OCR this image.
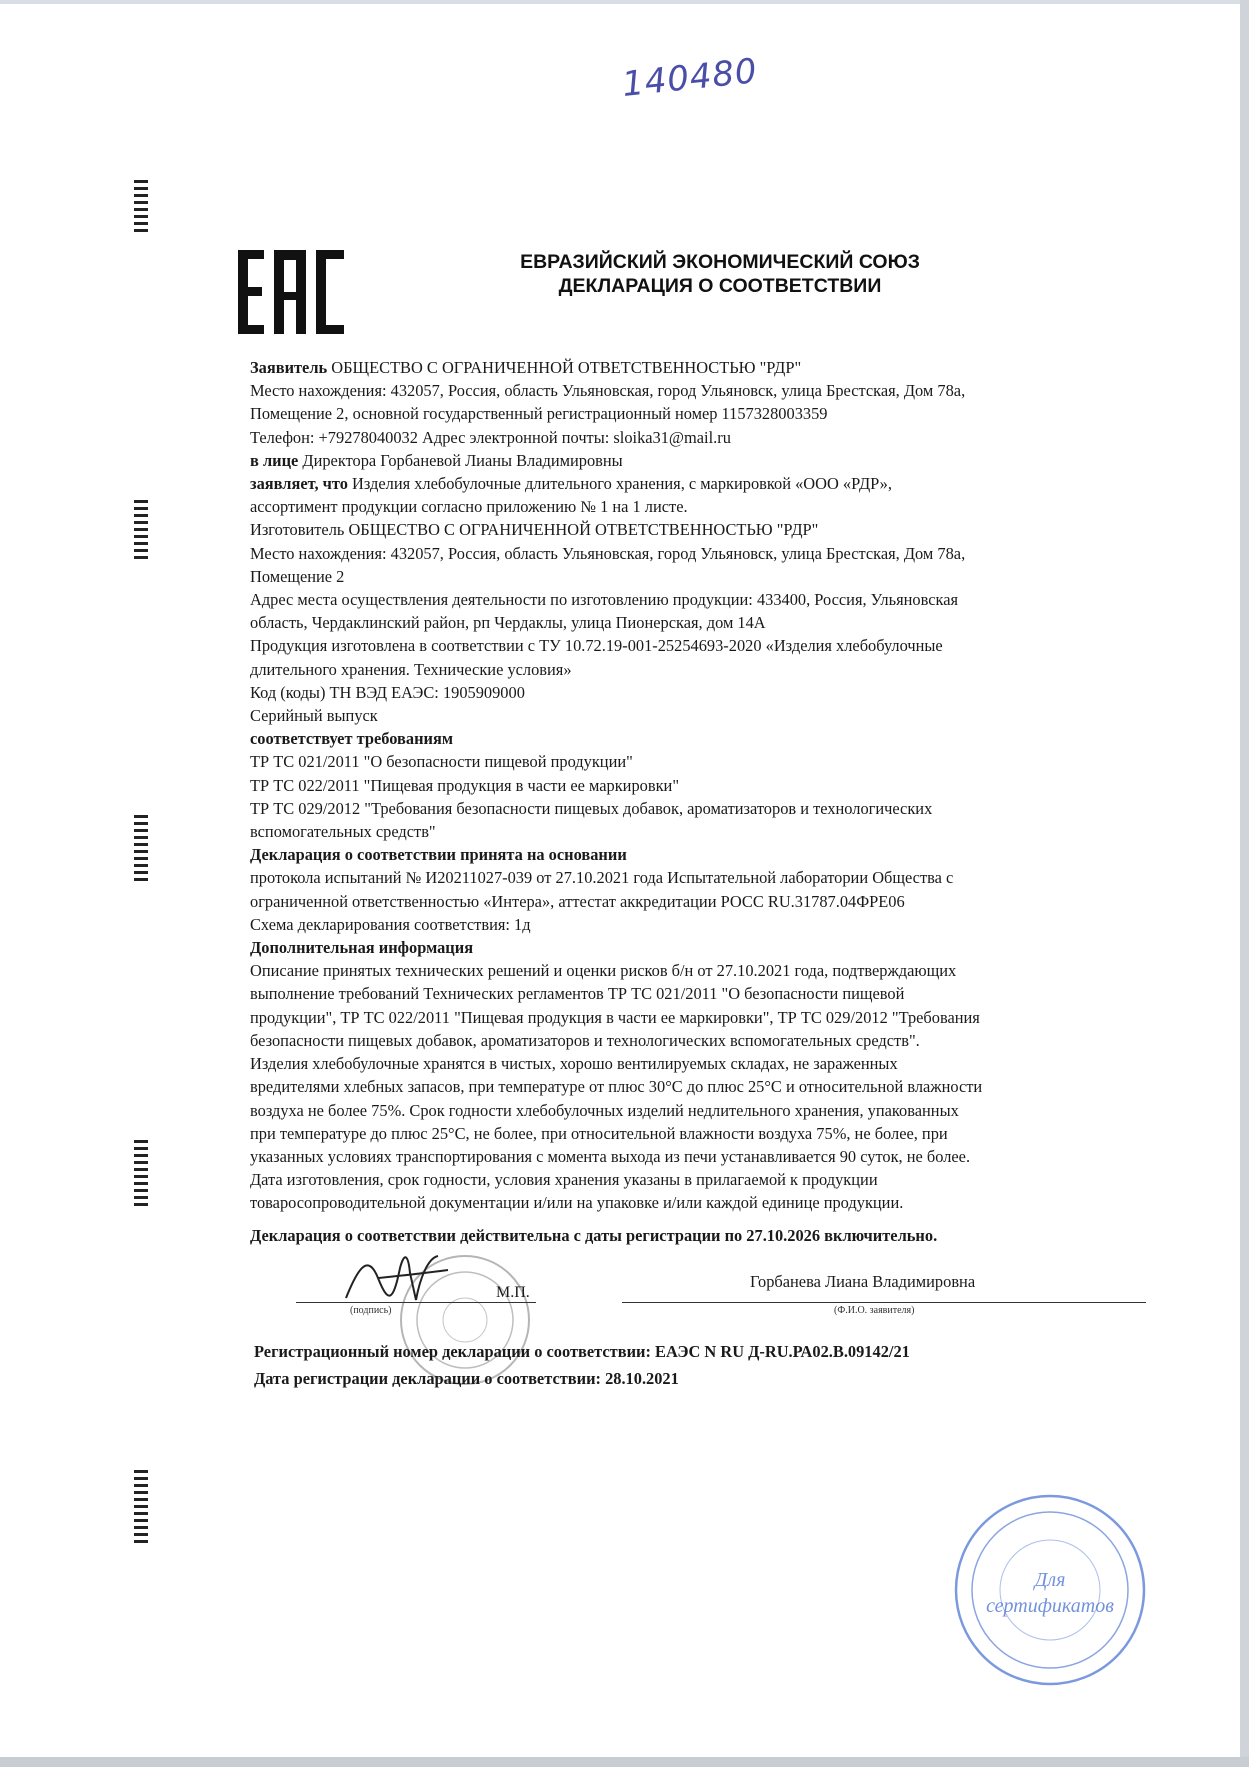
140480
ЕВРАЗИЙСКИЙ ЭКОНОМИЧЕСКИЙ СОЮЗ
ДЕКЛАРАЦИЯ О СООТВЕТСТВИИ
Заявитель ОБЩЕСТВО С ОГРАНИЧЕННОЙ ОТВЕТСТВЕННОСТЬЮ "РДР"
Место нахождения: 432057, Россия, область Ульяновская, город Ульяновск, улица Брестская, Дом 78а,
Помещение 2, основной государственный регистрационный номер 1157328003359
Телефон: +79278040032 Адрес электронной почты: sloika31@mail.ru
в лице Директора Горбаневой Лианы Владимировны
заявляет, что Изделия хлебобулочные длительного хранения, с маркировкой «ООО «РДР»,
ассортимент продукции согласно приложению № 1 на 1 листе.
Изготовитель ОБЩЕСТВО С ОГРАНИЧЕННОЙ ОТВЕТСТВЕННОСТЬЮ "РДР"
Место нахождения: 432057, Россия, область Ульяновская, город Ульяновск, улица Брестская, Дом 78а,
Помещение 2
Адрес места осуществления деятельности по изготовлению продукции: 433400, Россия, Ульяновская
область, Чердаклинский район, рп Чердаклы, улица Пионерская, дом 14А
Продукция изготовлена в соответствии с ТУ 10.72.19-001-25254693-2020 «Изделия хлебобулочные
длительного хранения. Технические условия»
Код (коды) ТН ВЭД ЕАЭС: 1905909000
Серийный выпуск
соответствует требованиям
ТР ТС 021/2011 "О безопасности пищевой продукции"
ТР ТС 022/2011 "Пищевая продукция в части ее маркировки"
ТР ТС 029/2012 "Требования безопасности пищевых добавок, ароматизаторов и технологических
вспомогательных средств"
Декларация о соответствии принята на основании
протокола испытаний № И20211027-039 от 27.10.2021 года Испытательной лаборатории Общества с
ограниченной ответственностью «Интера», аттестат аккредитации РОСС RU.31787.04ФРЕ06
Схема декларирования соответствия: 1д
Дополнительная информация
Описание принятых технических решений и оценки рисков б/н от 27.10.2021 года, подтверждающих
выполнение требований Технических регламентов ТР ТС 021/2011 "О безопасности пищевой
продукции", ТР ТС 022/2011 "Пищевая продукция в части ее маркировки", ТР ТС 029/2012 "Требования
безопасности пищевых добавок, ароматизаторов и технологических вспомогательных средств".
Изделия хлебобулочные хранятся в чистых, хорошо вентилируемых складах, не зараженных
вредителями хлебных запасов, при температуре от плюс 30°С до плюс 25°С и относительной влажности
воздуха не более 75%. Срок годности хлебобулочных изделий недлительного хранения, упакованных
при температуре до плюс 25°С, не более, при относительной влажности воздуха 75%, не более, при
указанных условиях транспортирования с момента выхода из печи устанавливается 90 суток, не более.
Дата изготовления, срок годности, условия хранения указаны в прилагаемой к продукции
товаросопроводительной документации и/или на упаковке и/или каждой единице продукции.
Декларация о соответствии действительна с даты регистрации по 27.10.2026 включительно.
(подпись)
М.П.
Горбанева Лиана Владимировна
(Ф.И.О. заявителя)
Регистрационный номер декларации о соответствии: ЕАЭС N RU Д-RU.РА02.В.09142/21
Дата регистрации декларации о соответствии: 28.10.2021
Для
сертификатов
